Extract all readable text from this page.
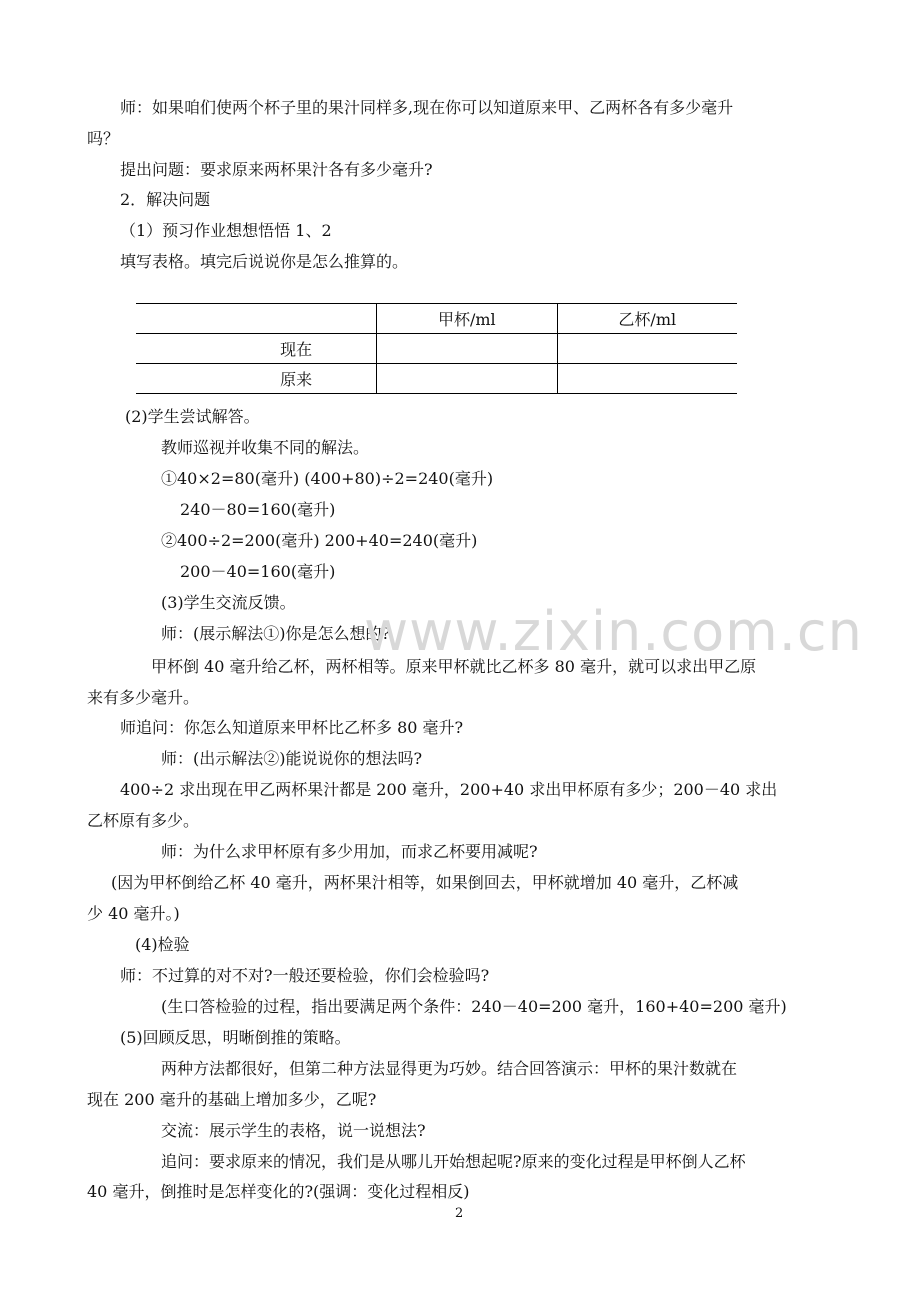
师：如果咱们使两个杯子里的果汁同样多,现在你可以知道原来甲、乙两杯各有多少毫升
吗？
提出问题：要求原来两杯果汁各有多少毫升?
2．解决问题
（1）预习作业想想悟悟 1、2
填写表格。填完后说说你是怎么推算的。
	甲杯/ml	乙杯/ml
现在		
原来		
(2)学生尝试解答。
教师巡视并收集不同的解法。
①40×2=80(毫升) (400+80)÷2=240(毫升)
240－80=160(毫升)
②400÷2=200(毫升) 200+40=240(毫升)
200－40=160(毫升)
(3)学生交流反馈。
师：(展示解法①)你是怎么想的?
甲杯倒 40 毫升给乙杯，两杯相等。原来甲杯就比乙杯多 80 毫升，就可以求出甲乙原
来有多少毫升。
师追问：你怎么知道原来甲杯比乙杯多 80 毫升?
师：(出示解法②)能说说你的想法吗?
400÷2 求出现在甲乙两杯果汁都是 200 毫升，200+40 求出甲杯原有多少；200－40 求出
乙杯原有多少。
师：为什么求甲杯原有多少用加，而求乙杯要用减呢?
(因为甲杯倒给乙杯 40 毫升，两杯果汁相等，如果倒回去，甲杯就增加 40 毫升，乙杯减
少 40 毫升。)
(4)检验
师：不过算的对不对?一般还要检验，你们会检验吗?
(生口答检验的过程，指出要满足两个条件：240－40=200 毫升，160+40=200 毫升)
(5)回顾反思，明晰倒推的策略。
两种方法都很好，但第二种方法显得更为巧妙。结合回答演示：甲杯的果汁数就在
现在 200 毫升的基础上增加多少，乙呢?
交流：展示学生的表格，说一说想法?
追问：要求原来的情况，我们是从哪儿开始想起呢?原来的变化过程是甲杯倒人乙杯
40 毫升，倒推时是怎样变化的?(强调：变化过程相反)
www.zixin.com.cn
2
